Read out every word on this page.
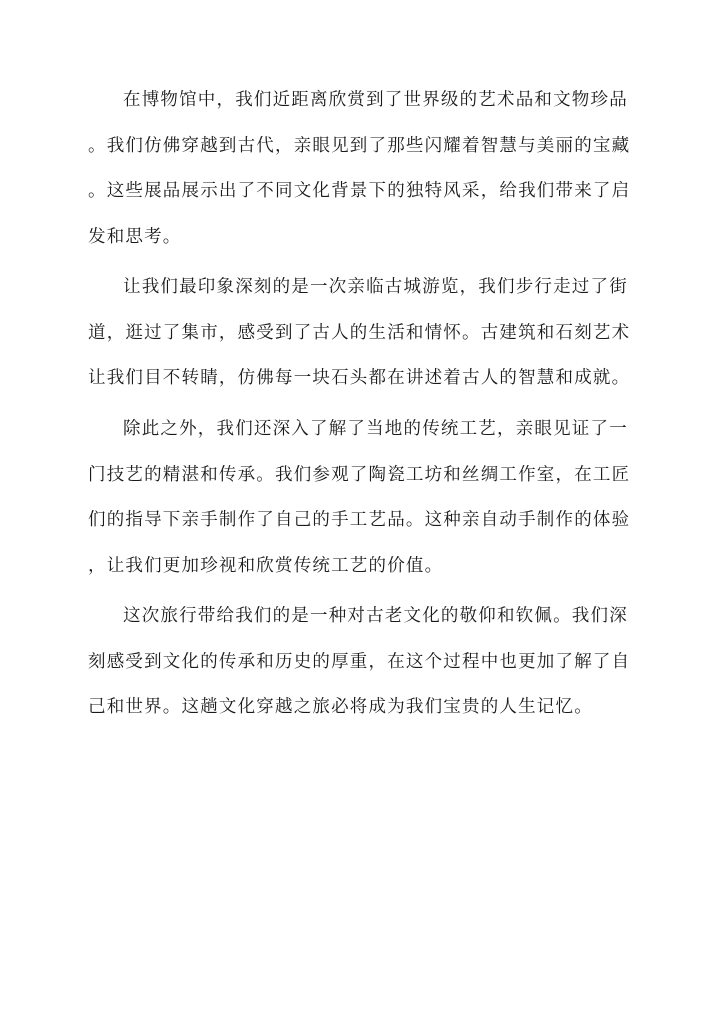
在博物馆中，我们近距离欣赏到了世界级的艺术品和文物珍品
。我们仿佛穿越到古代，亲眼见到了那些闪耀着智慧与美丽的宝藏
。这些展品展示出了不同文化背景下的独特风采，给我们带来了启
发和思考。

让我们最印象深刻的是一次亲临古城游览，我们步行走过了街
道，逛过了集市，感受到了古人的生活和情怀。古建筑和石刻艺术
让我们目不转睛，仿佛每一块石头都在讲述着古人的智慧和成就。

除此之外，我们还深入了解了当地的传统工艺，亲眼见证了一
门技艺的精湛和传承。我们参观了陶瓷工坊和丝绸工作室，在工匠
们的指导下亲手制作了自己的手工艺品。这种亲自动手制作的体验
，让我们更加珍视和欣赏传统工艺的价值。

这次旅行带给我们的是一种对古老文化的敬仰和钦佩。我们深
刻感受到文化的传承和历史的厚重，在这个过程中也更加了解了自
己和世界。这趟文化穿越之旅必将成为我们宝贵的人生记忆。
